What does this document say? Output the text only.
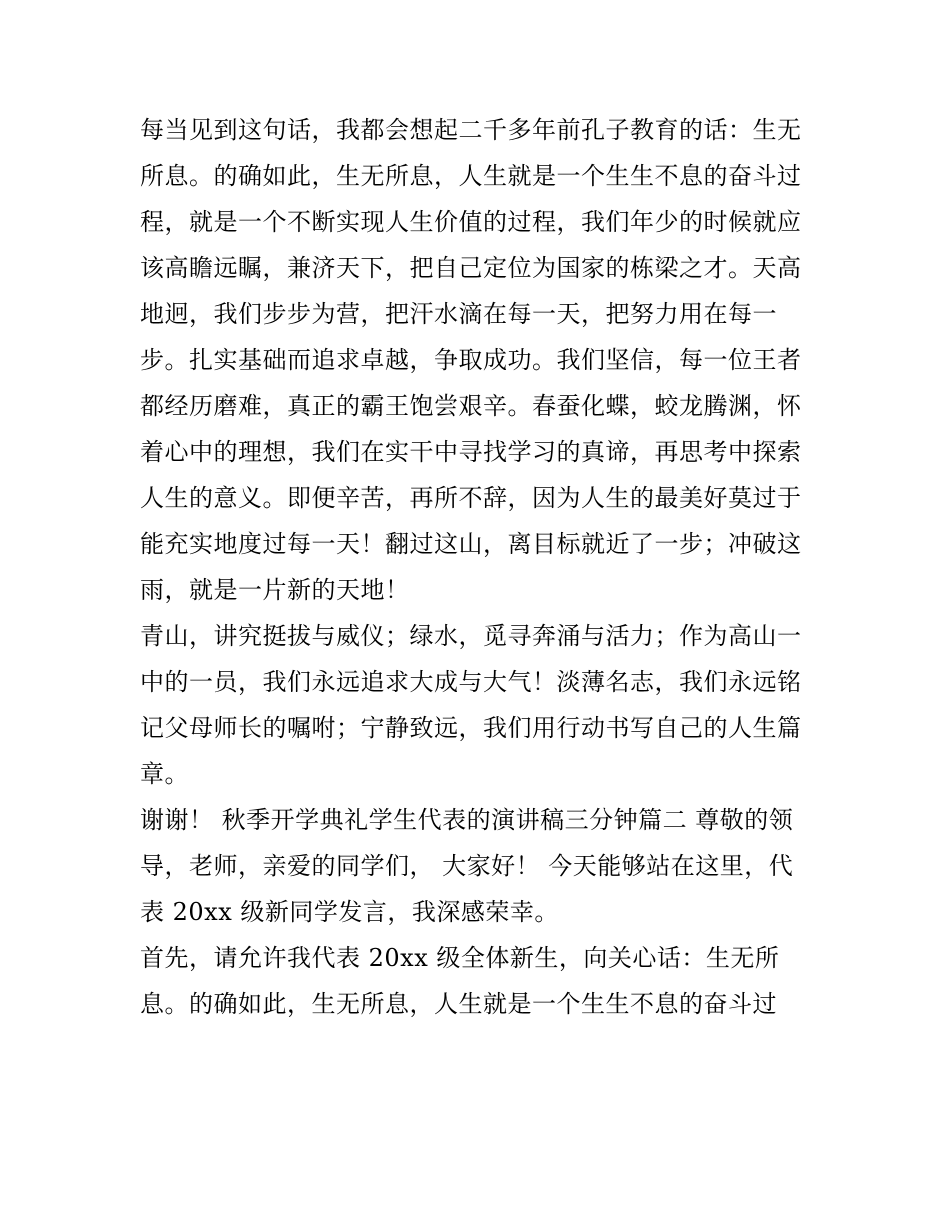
每当见到这句话，我都会想起二千多年前孔子教育的话：生无
所息。的确如此，生无所息，人生就是一个生生不息的奋斗过
程，就是一个不断实现人生价值的过程，我们年少的时候就应
该高瞻远瞩，兼济天下，把自己定位为国家的栋梁之才。天高
地迥，我们步步为营，把汗水滴在每一天，把努力用在每一
步。扎实基础而追求卓越，争取成功。我们坚信，每一位王者
都经历磨难，真正的霸王饱尝艰辛。春蚕化蝶，蛟龙腾渊，怀
着心中的理想，我们在实干中寻找学习的真谛，再思考中探索
人生的意义。即便辛苦，再所不辞，因为人生的最美好莫过于
能充实地度过每一天！翻过这山，离目标就近了一步；冲破这
雨，就是一片新的天地！
青山，讲究挺拔与威仪；绿水，觅寻奔涌与活力；作为高山一
中的一员，我们永远追求大成与大气！淡薄名志，我们永远铭
记父母师长的嘱咐；宁静致远，我们用行动书写自己的人生篇
章。
谢谢！ 秋季开学典礼学生代表的演讲稿三分钟篇二 尊敬的领
导，老师，亲爱的同学们， 大家好！ 今天能够站在这里，代
表 20xx 级新同学发言，我深感荣幸。
首先，请允许我代表 20xx 级全体新生，向关心话：生无所
息。的确如此，生无所息，人生就是一个生生不息的奋斗过
